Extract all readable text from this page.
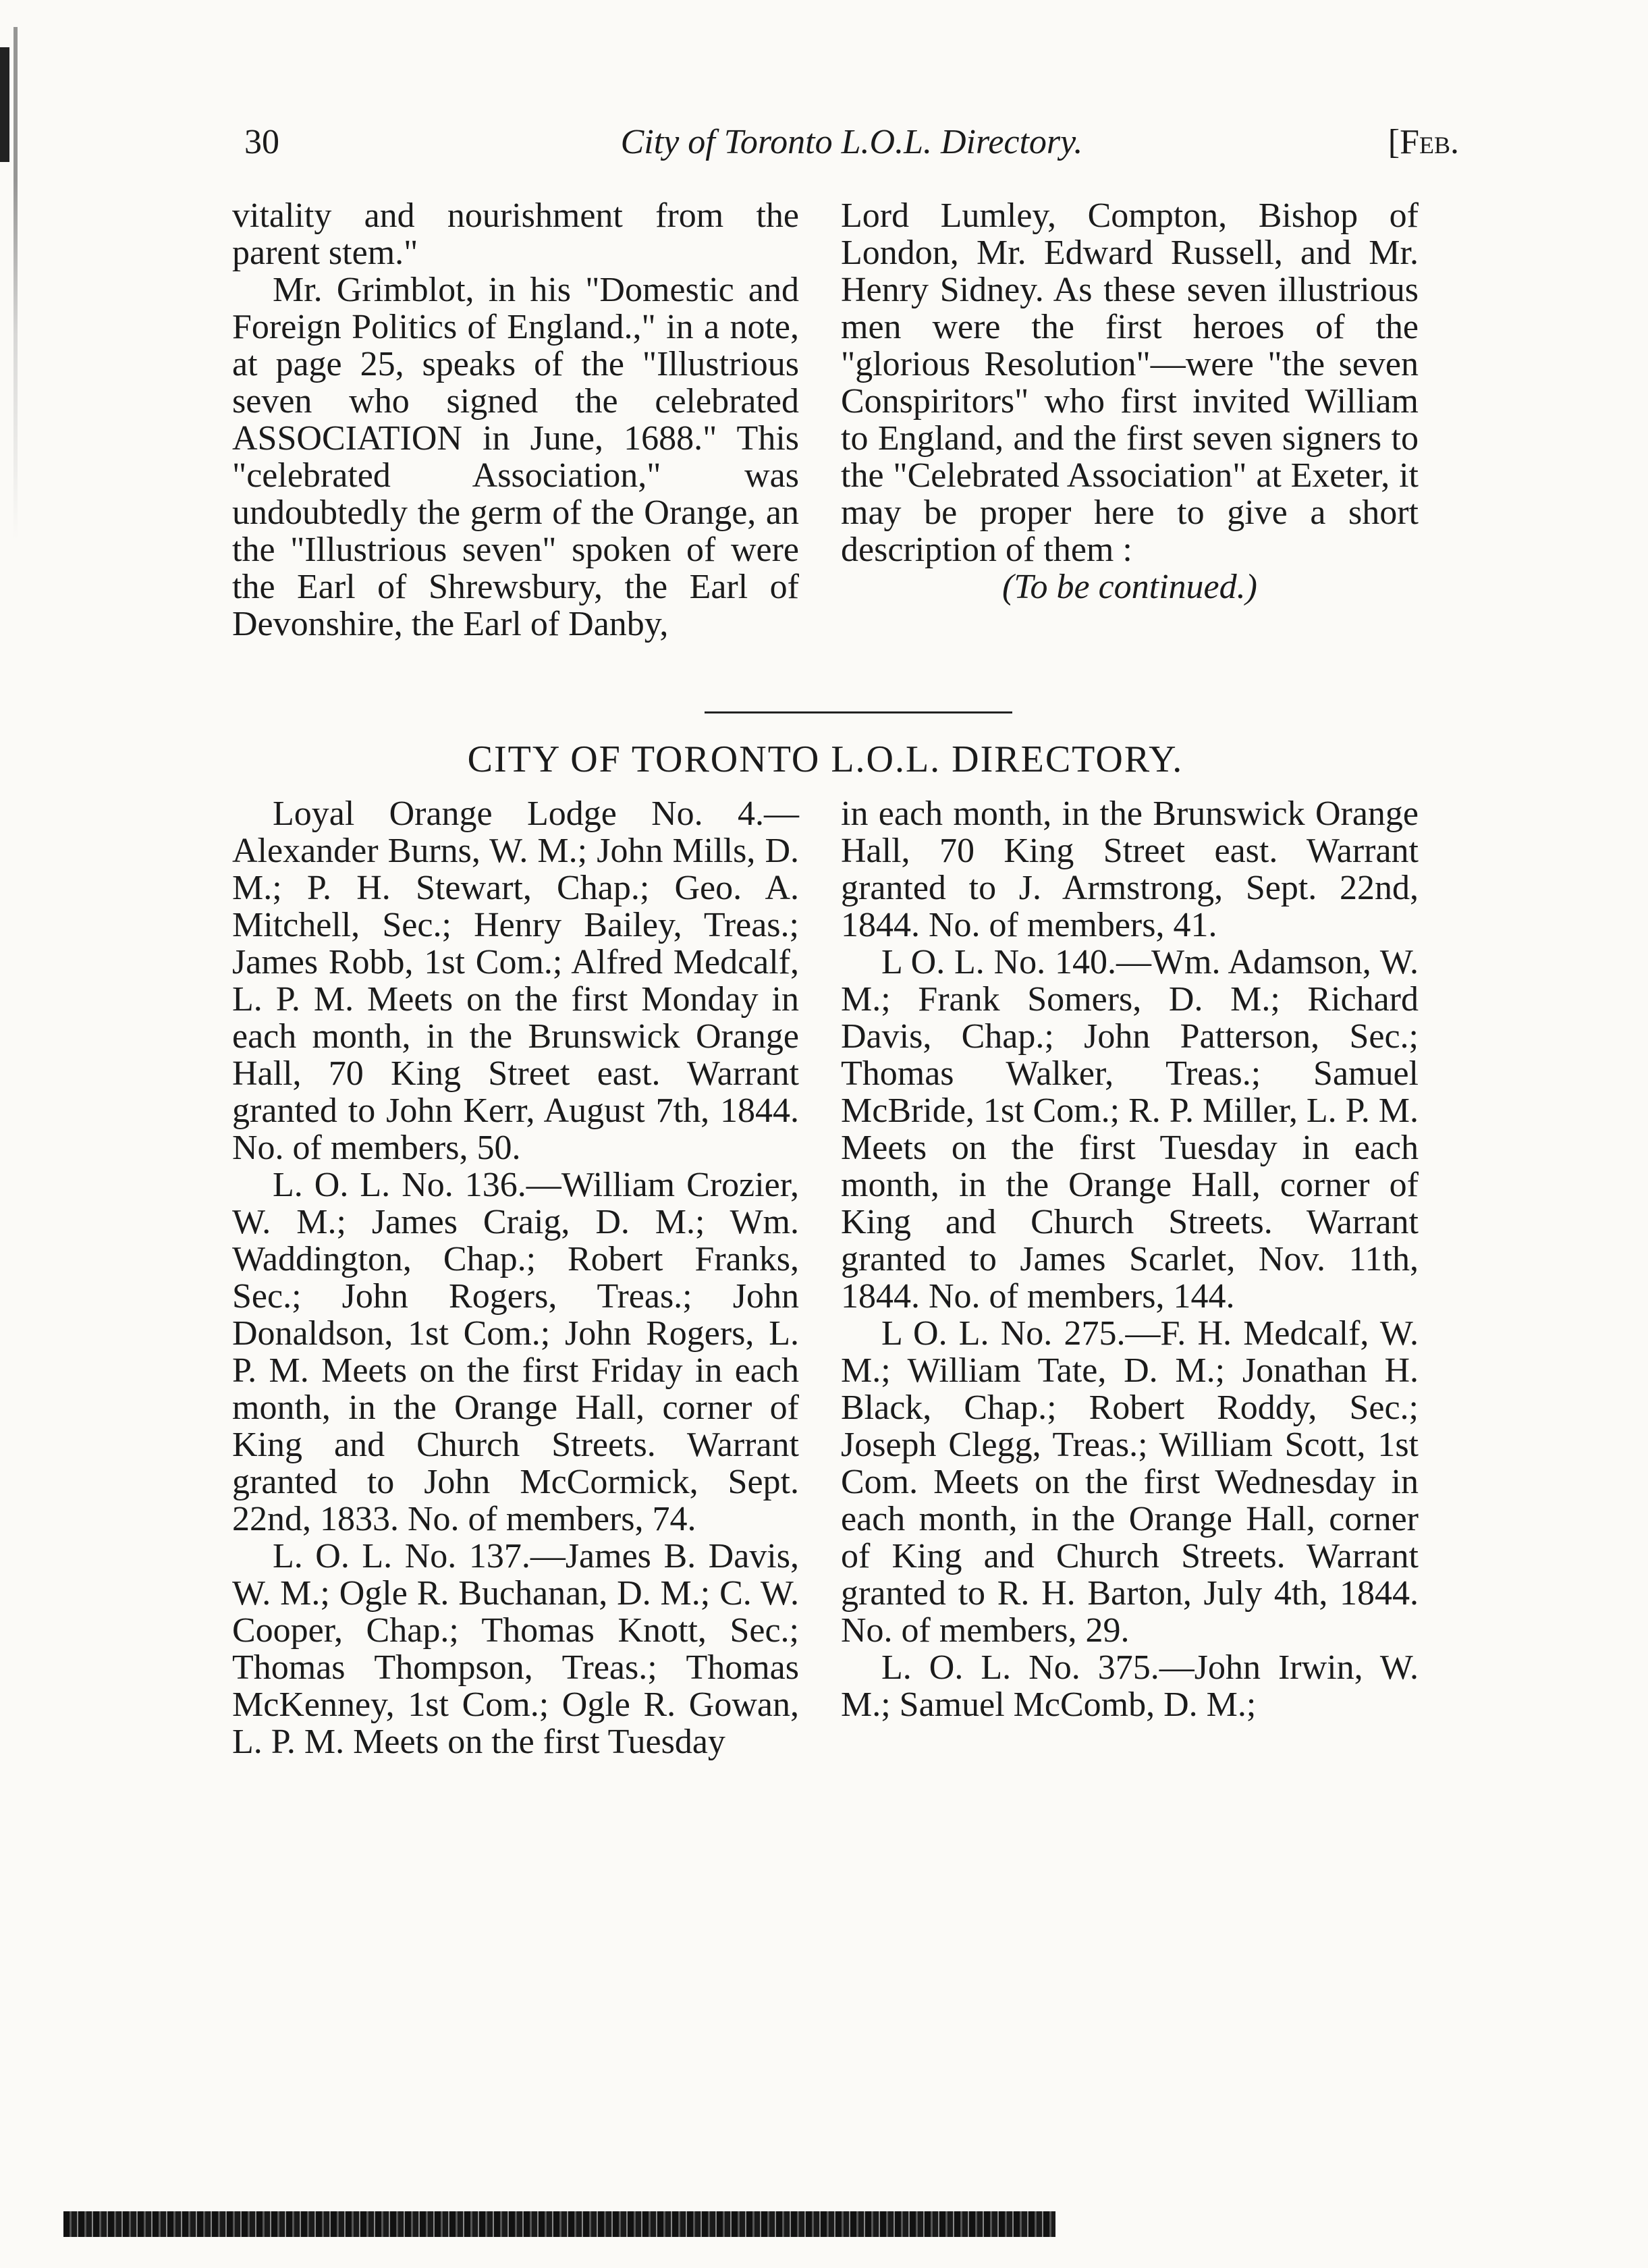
30	City of Toronto L.O.L. Directory.	[Feb.

vitality and nourishment from the parent stem."

Mr. Grimblot, in his "Domestic and Foreign Politics of England.," in a note, at page 25, speaks of the "Illustrious seven who signed the celebrated ASSOCIATION in June, 1688." This "celebrated Association," was undoubtedly the germ of the Orange, an the "Illustrious seven" spoken of were the Earl of Shrewsbury, the Earl of Devonshire, the Earl of Danby,

Lord Lumley, Compton, Bishop of London, Mr. Edward Russell, and Mr. Henry Sidney. As these seven illustrious men were the first heroes of the "glorious Resolution"—were "the seven Conspiritors" who first invited William to England, and the first seven signers to the "Celebrated Association" at Exeter, it may be proper here to give a short description of them :

(To be continued.)

CITY OF TORONTO L.O.L. DIRECTORY.

Loyal Orange Lodge No. 4.— Alexander Burns, W. M.; John Mills, D. M.; P. H. Stewart, Chap.; Geo. A. Mitchell, Sec.; Henry Bailey, Treas.; James Robb, 1st Com.; Alfred Medcalf, L. P. M. Meets on the first Monday in each month, in the Brunswick Orange Hall, 70 King Street east. Warrant granted to John Kerr, August 7th, 1844. No. of members, 50.

L. O. L. No. 136.—William Crozier, W. M.; James Craig, D. M.; Wm. Waddington, Chap.; Robert Franks, Sec.; John Rogers, Treas.; John Donaldson, 1st Com.; John Rogers, L. P. M. Meets on the first Friday in each month, in the Orange Hall, corner of King and Church Streets. Warrant granted to John McCormick, Sept. 22nd, 1833. No. of members, 74.

L. O. L. No. 137.—James B. Davis, W. M.; Ogle R. Buchanan, D. M.; C. W. Cooper, Chap.; Thomas Knott, Sec.; Thomas Thompson, Treas.; Thomas McKenney, 1st Com.; Ogle R. Gowan, L. P. M. Meets on the first Tuesday

in each month, in the Brunswick Orange Hall, 70 King Street east. Warrant granted to J. Armstrong, Sept. 22nd, 1844. No. of members, 41.

L O. L. No. 140.—Wm. Adamson, W. M.; Frank Somers, D. M.; Richard Davis, Chap.; John Patterson, Sec.; Thomas Walker, Treas.; Samuel McBride, 1st Com.; R. P. Miller, L. P. M. Meets on the first Tuesday in each month, in the Orange Hall, corner of King and Church Streets. Warrant granted to James Scarlet, Nov. 11th, 1844. No. of members, 144.

L O. L. No. 275.—F. H. Medcalf, W. M.; William Tate, D. M.; Jonathan H. Black, Chap.; Robert Roddy, Sec.; Joseph Clegg, Treas.; William Scott, 1st Com. Meets on the first Wednesday in each month, in the Orange Hall, corner of King and Church Streets. Warrant granted to R. H. Barton, July 4th, 1844. No. of members, 29.

L. O. L. No. 375.—John Irwin, W. M.; Samuel McComb, D. M.;
